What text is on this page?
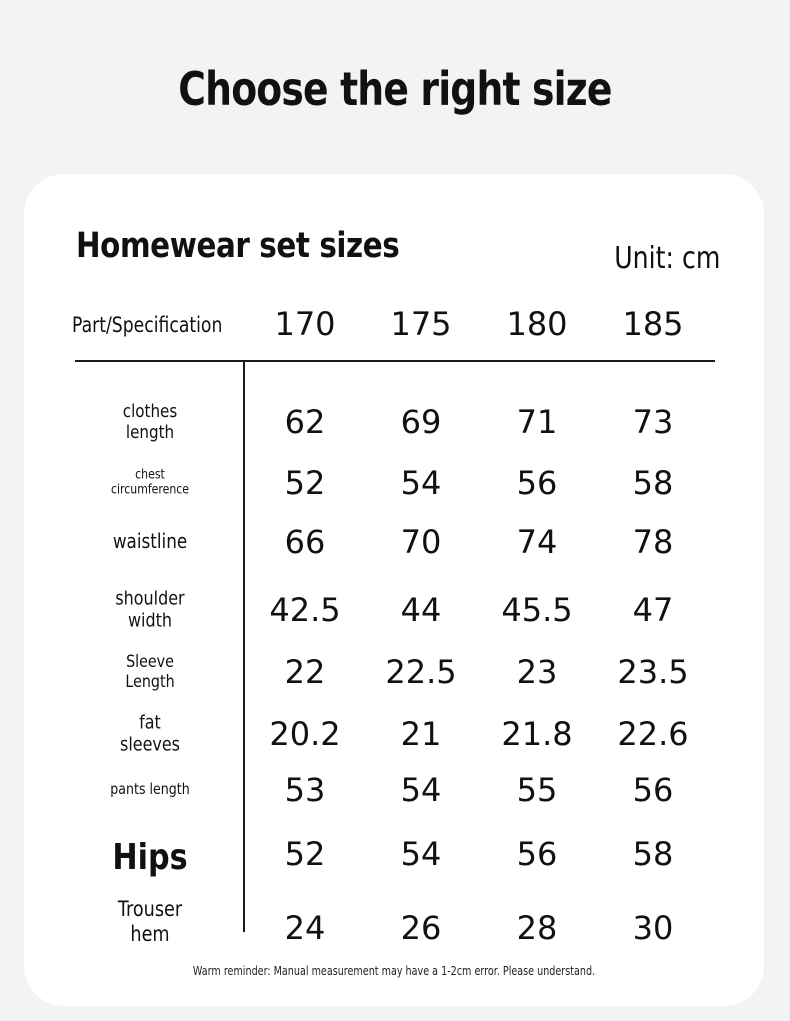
Choose the right size
Homewear set sizes	Unit: cm
Part/Specification	170	175	180	185
clothes
length	62	69	71	73
chest
circumference	52	54	56	58
waistline	66	70	74	78
shoulder
width	42.5	44	45.5	47
Sleeve
Length	22	22.5	23	23.5
fat
sleeves	20.2	21	21.8	22.6
pants length	53	54	55	56
Hips	52	54	56	58
Trouser
hem	24	26	28	30
Warm reminder: Manual measurement may have a 1-2cm error. Please understand.
